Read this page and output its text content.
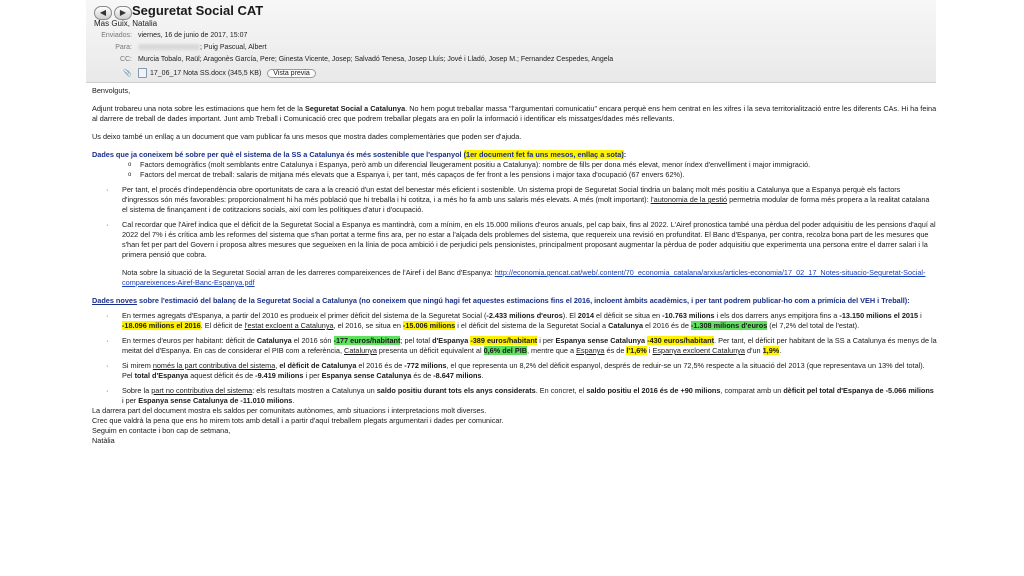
◀	▶ Seguretat Social CAT
Mas Guix, Natalia
Enviados: viernes, 16 de junio de 2017, 15:07
Para:	; Puig Pascual, Albert
CC: Murcia Tobalo, Raül; Aragonès García, Pere; Ginesta Vicente, Josep; Salvadó Tenesa, Josep Lluís; Jové i Lladó, Josep M.; Fernandez Cespedes, Angela
📎	17_06_17 Nota SS.docx (345,5 KB) Vista previa

Benvolguts,

Adjunt trobareu una nota sobre les estimacions que hem fet de la Seguretat Social a Catalunya. No hem pogut treballar massa "l'argumentari comunicatiu" encara perquè ens hem centrat en les xifres i la seva territorialització entre les diferents CAs. Hi ha feina al darrere de treball de dades important. Junt amb Treball i Comunicació crec que podrem treballar plegats ara en polir la informació i identificar els missatges/dades més rellevants.

Us deixo també un enllaç a un document que vam publicar fa uns mesos que mostra dades complementàries que poden ser d'ajuda.

Dades que ja coneixem bé sobre per què el sistema de la SS a Catalunya és més sostenible que l'espanyol (1er document fet fa uns mesos, enllaç a sota):

o Factors demogràfics (molt semblants entre Catalunya i Espanya, però amb un diferencial lleugerament positiu a Catalunya): nombre de fills per dona més elevat, menor índex d'envelliment i major immigració.

o Factors del mercat de treball: salaris de mitjana més elevats que a Espanya i, per tant, més capaços de fer front a les pensions i major taxa d'ocupació (67 envers 62%).

· Per tant, el procés d'independència obre oportunitats de cara a la creació d'un estat del benestar més eficient i sostenible. Un sistema propi de Seguretat Social tindria un balanç molt més positiu a Catalunya que a Espanya perquè els factors d'ingressos són més favorables: proporcionalment hi ha més població que hi treballa i hi cotitza, i a més ho fa amb uns salaris més elevats. A més (molt important): l'autonomia de la gestió permetria modular de forma més propera a la realitat catalana el sistema de finançament i de cotitzacions socials, així com les polítiques d'atur i d'ocupació.

· Cal recordar que l'Airef indica que el dèficit de la Seguretat Social a Espanya es mantindrà, com a mínim, en els 15.000 milions d'euros anuals, pel cap baix, fins al 2022. L'Airef pronostica també una pèrdua del poder adquisitiu de les pensions d'aquí al 2022 del 7% i és crítica amb les reformes del sistema que s'han portat a terme fins ara, per no estar a l'alçada dels problemes del sistema, que requereix una revisió en profunditat. El Banc d'Espanya, per contra, recolza bona part de les mesures que s'han fet per part del Govern i proposa altres mesures que segueixen en la línia de poca ambició i de perjudici pels pensionistes, principalment proposant augmentar la pèrdua de poder adquisitiu que experimenta una persona entre el darrer salari i la primera pensió que cobra.

Nota sobre la situació de la Seguretat Social arran de les darreres compareixences de l'Airef i del Banc d'Espanya: http://economia.gencat.cat/web/.content/70_economia_catalana/arxius/articles-economia/17_02_17_Notes-situacio-Seguretat-Social-compareixences-Airef-Banc-Espanya.pdf

Dades noves sobre l'estimació del balanç de la Seguretat Social a Catalunya (no coneixem que ningú hagi fet aquestes estimacions fins el 2016, incloent àmbits acadèmics, i per tant podrem publicar-ho com a primícia del VEH i Treball):

· En termes agregats d'Espanya, a partir del 2010 es produeix el primer dèficit del sistema de la Seguretat Social (-2.433 milions d'euros). El 2014 el dèficit se situa en -10.763 milions i els dos darrers anys empitjora fins a -13.150 milions el 2015 i -18.096 milions el 2016. El dèficit de l'estat excloent a Catalunya, el 2016, se situa en -15.006 milions i el dèficit del sistema de la Seguretat Social a Catalunya el 2016 és de -1.308 milions d'euros (el 7,2% del total de l'estat).

· En termes d'euros per habitant: dèficit de Catalunya el 2016 són -177 euros/habitant; pel total d'Espanya -389 euros/habitant i per Espanya sense Catalunya -430 euros/habitant. Per tant, el dèficit per habitant de la SS a Catalunya és menys de la meitat del d'Espanya. En cas de considerar el PIB com a referència, Catalunya presenta un dèficit equivalent al 0,6% del PIB, mentre que a Espanya és de l'1,6% i Espanya excloent Catalunya d'un 1,9%.

· Si mirem només la part contributiva del sistema, el dèficit de Catalunya el 2016 és de -772 milions, el que representa un 8,2% del dèficit espanyol, després de reduir-se un 72,5% respecte a la situació del 2013 (que representava un 13% del total). Pel total d'Espanya aquest dèficit és de -9.419 milions i per Espanya sense Catalunya és de -8.647 milions.

· Sobre la part no contributiva del sistema: els resultats mostren a Catalunya un saldo positiu durant tots els anys considerats. En concret, el saldo positiu el 2016 és de +90 milions, comparat amb un dèficit pel total d'Espanya de -5.066 milions i per Espanya sense Catalunya de -11.010 milions.

La darrera part del document mostra els saldos per comunitats autònomes, amb situacions i interpretacions molt diverses.

Crec que valdrà la pena que ens ho mirem tots amb detall i a partir d'aquí treballem plegats argumentari i dades per comunicar.

Seguim en contacte i bon cap de setmana,

Natàlia
